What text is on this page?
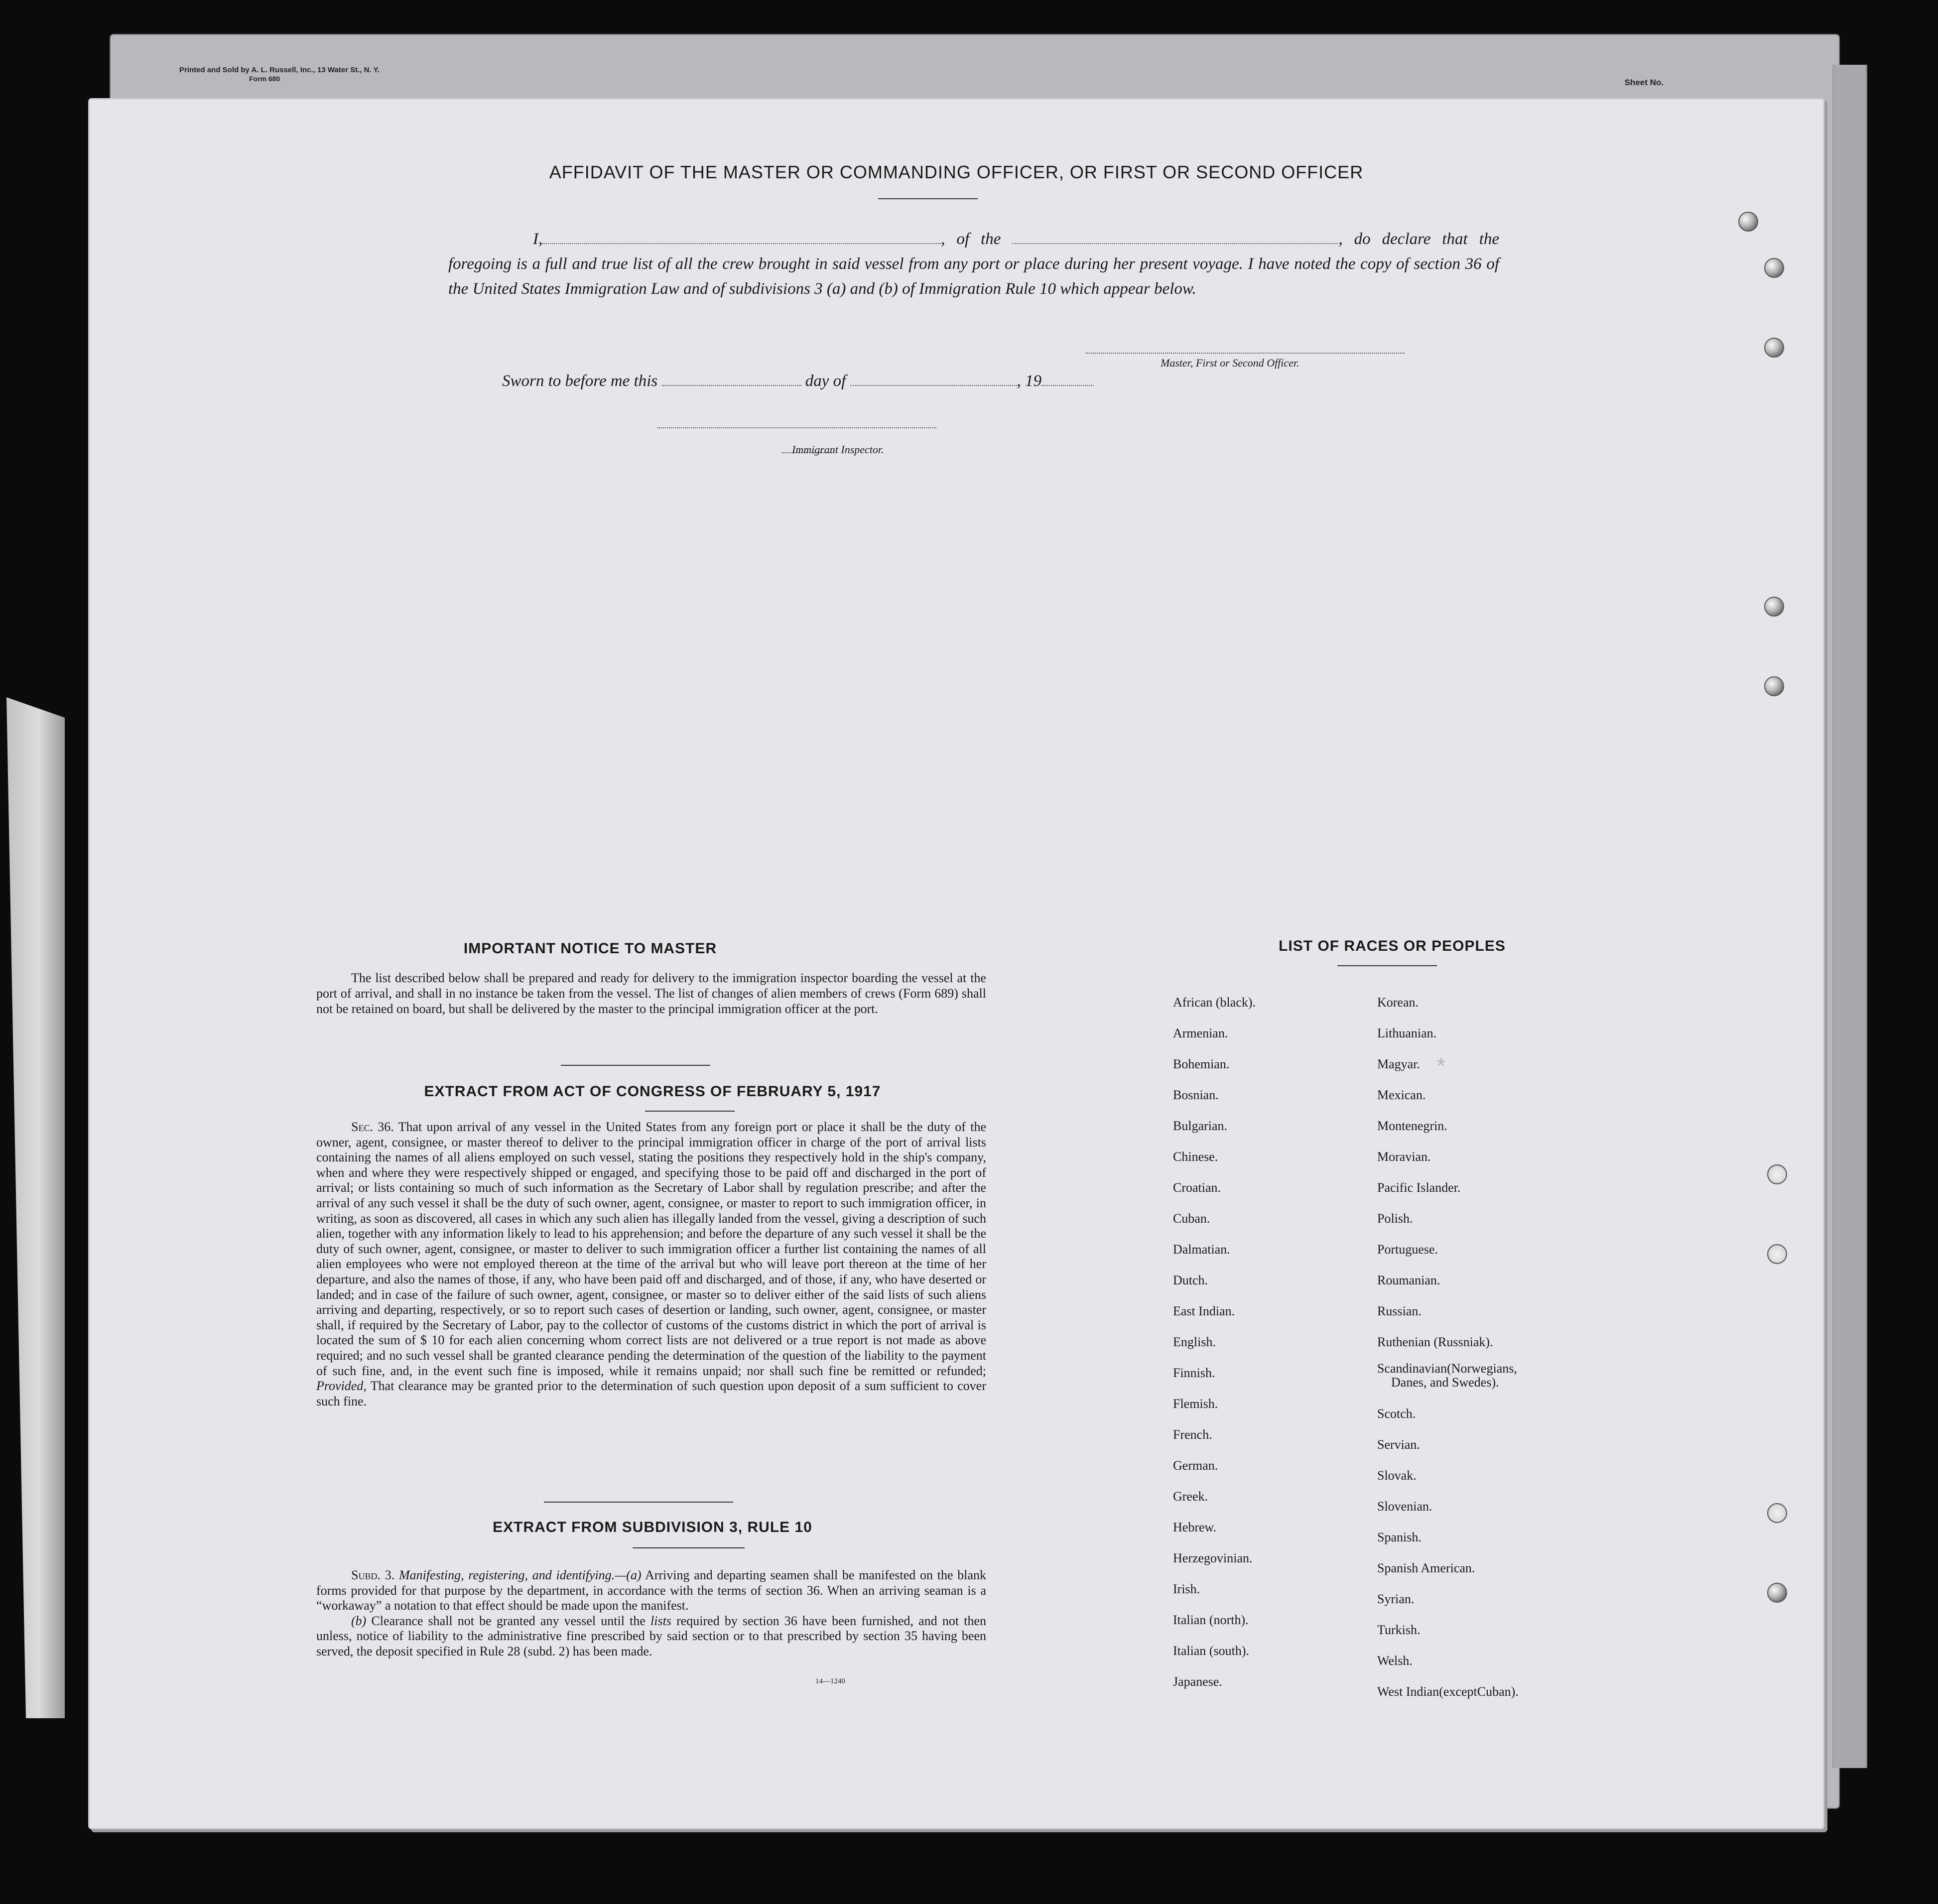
Printed and Sold by A. L. Russell, Inc., 13 Water St., N. Y.
Form 680	Sheet No.
AFFIDAVIT OF THE MASTER OR COMMANDING OFFICER, OR FIRST OR SECOND OFFICER
I,	, of the	, do declare that the foregoing is a full and true list of all the crew brought in said vessel from any port or place during her present voyage. I have noted the copy of section 36 of the United States Immigration Law and of subdivisions 3 (a) and (b) of Immigration Rule 10 which appear below.
Master, First or Second Officer.
Sworn to before me this	day of	, 19
Immigrant Inspector.
*
IMPORTANT NOTICE TO MASTER
The list described below shall be prepared and ready for delivery to the immigration inspector boarding the vessel at the port of arrival, and shall in no instance be taken from the vessel. The list of changes of alien members of crews (Form 689) shall not be retained on board, but shall be delivered by the master to the principal immigration officer at the port.
EXTRACT FROM ACT OF CONGRESS OF FEBRUARY 5, 1917
Sec. 36. That upon arrival of any vessel in the United States from any foreign port or place it shall be the duty of the owner, agent, consignee, or master thereof to deliver to the principal immigration officer in charge of the port of arrival lists containing the names of all aliens employed on such vessel, stating the positions they respectively hold in the ship's company, when and where they were respectively shipped or engaged, and specifying those to be paid off and discharged in the port of arrival; or lists containing so much of such information as the Secretary of Labor shall by regulation prescribe; and after the arrival of any such vessel it shall be the duty of such owner, agent, consignee, or master to report to such immigration officer, in writing, as soon as discovered, all cases in which any such alien has illegally landed from the vessel, giving a description of such alien, together with any information likely to lead to his apprehension; and before the departure of any such vessel it shall be the duty of such owner, agent, consignee, or master to deliver to such immigration officer a further list containing the names of all alien employees who were not employed thereon at the time of the arrival but who will leave port thereon at the time of her departure, and also the names of those, if any, who have been paid off and discharged, and of those, if any, who have deserted or landed; and in case of the failure of such owner, agent, consignee, or master so to deliver either of the said lists of such aliens arriving and departing, respectively, or so to report such cases of desertion or landing, such owner, agent, consignee, or master shall, if required by the Secretary of Labor, pay to the collector of customs of the customs district in which the port of arrival is located the sum of $ 10 for each alien concerning whom correct lists are not delivered or a true report is not made as above required; and no such vessel shall be granted clearance pending the determination of the question of the liability to the payment of such fine, and, in the event such fine is imposed, while it remains unpaid; nor shall such fine be remitted or refunded; Provided, That clearance may be granted prior to the determination of such question upon deposit of a sum sufficient to cover such fine.
EXTRACT FROM SUBDIVISION 3, RULE 10

Subd. 3. Manifesting, registering, and identifying.—(a) Arriving and departing seamen shall be manifested on the blank forms provided for that purpose by the department, in accordance with the terms of section 36. When an arriving seaman is a “workaway” a notation to that effect should be made upon the manifest.

(b) Clearance shall not be granted any vessel until the lists required by section 36 have been furnished, and not then unless, notice of liability to the administrative fine prescribed by said section or to that prescribed by section 35 having been served, the deposit specified in Rule 28 (subd. 2) has been made.

14—1240
LIST OF RACES OR PEOPLES
African (black).
Armenian.
Bohemian.
Bosnian.
Bulgarian.
Chinese.
Croatian.
Cuban.
Dalmatian.
Dutch.
East Indian.
English.
Finnish.
Flemish.
French.
German.
Greek.
Hebrew.
Herzegovinian.
Irish.
Italian (north).
Italian (south).
Japanese.
Korean.
Lithuanian.
Magyar.
Mexican.
Montenegrin.
Moravian.
Pacific Islander.
Polish.
Portuguese.
Roumanian.
Russian.
Ruthenian (Russniak).
Scandinavian(Norwegians,
Danes, and Swedes).
Scotch.
Servian.
Slovak.
Slovenian.
Spanish.
Spanish American.
Syrian.
Turkish.
Welsh.
West Indian(exceptCuban).
